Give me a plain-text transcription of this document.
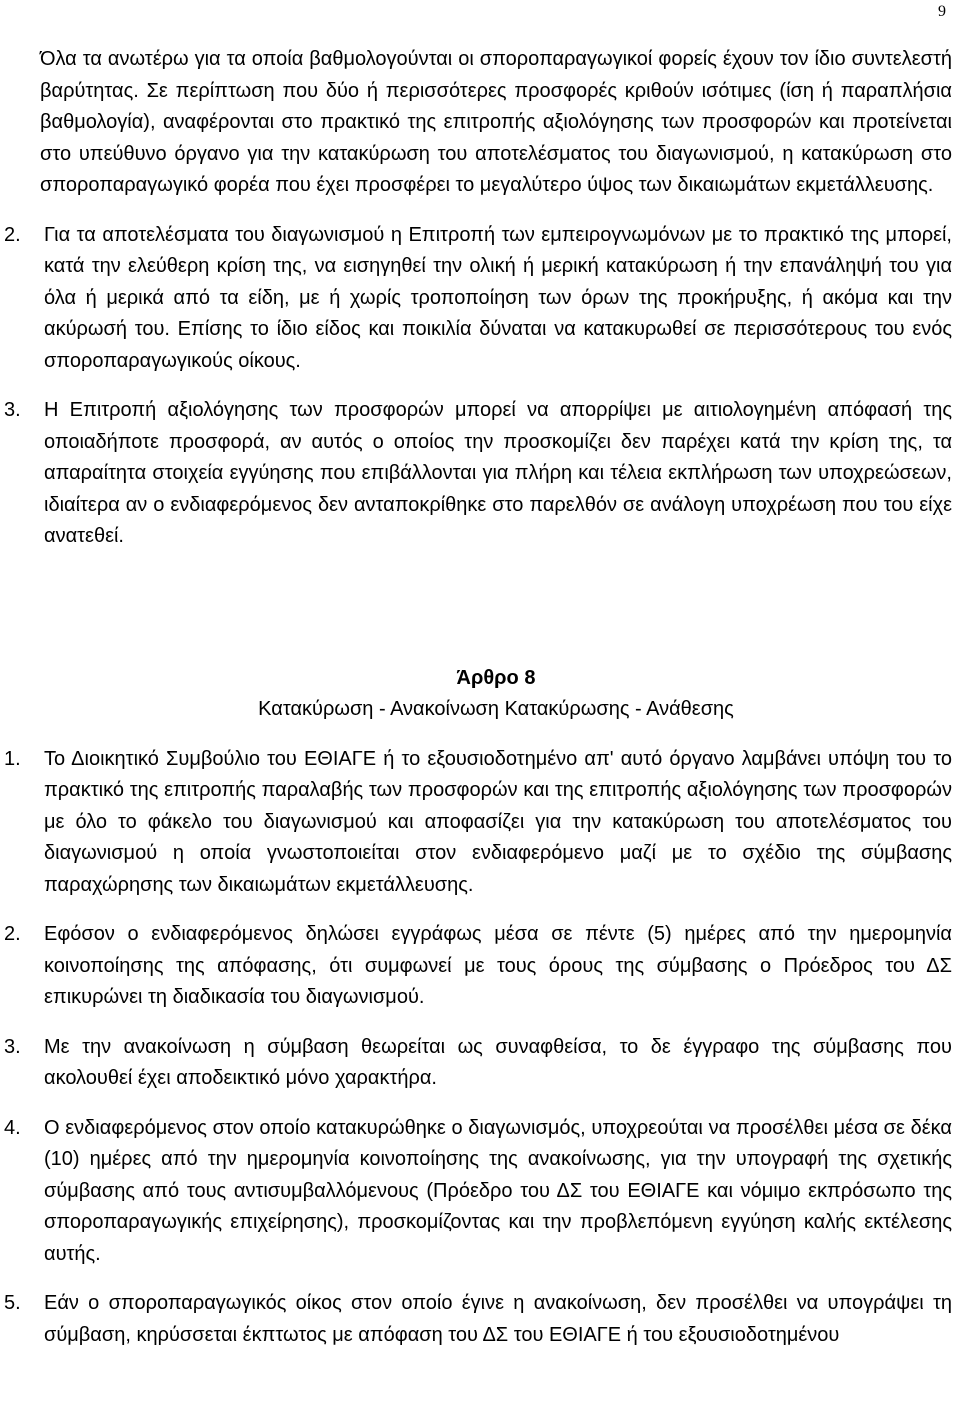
9

Όλα τα ανωτέρω για τα οποία βαθμολογούνται οι σποροπαραγωγικοί φορείς έχουν τον ίδιο συντελεστή βαρύτητας. Σε περίπτωση που δύο ή περισσότερες προσφορές κριθούν ισότιμες (ίση ή παραπλήσια βαθμολογία), αναφέρονται στο πρακτικό της επιτροπής αξιολόγησης των προσφορών και προτείνεται στο υπεύθυνο όργανο για την κατακύρωση του αποτελέσματος του διαγωνισμού, η κατακύρωση στο σποροπαραγωγικό φορέα που έχει προσφέρει το μεγαλύτερο ύψος των δικαιωμάτων εκμετάλλευσης.

2. Για τα αποτελέσματα του διαγωνισμού η Επιτροπή των εμπειρογνωμόνων με το πρακτικό της μπορεί, κατά την ελεύθερη κρίση της, να εισηγηθεί την ολική ή μερική κατακύρωση ή την επανάληψή του για όλα ή μερικά από τα είδη, με ή χωρίς τροποποίηση των όρων της προκήρυξης, ή ακόμα και την ακύρωσή του. Επίσης το ίδιο είδος και ποικιλία δύναται να κατακυρωθεί σε περισσότερους του ενός σποροπαραγωγικούς οίκους.

3. Η Επιτροπή αξιολόγησης των προσφορών μπορεί να απορρίψει με αιτιολογημένη απόφασή της οποιαδήποτε προσφορά, αν αυτός ο οποίος την προσκομίζει δεν παρέχει κατά την κρίση της, τα απαραίτητα στοιχεία εγγύησης που επιβάλλονται για πλήρη και τέλεια εκπλήρωση των υποχρεώσεων, ιδιαίτερα αν ο ενδιαφερόμενος δεν ανταποκρίθηκε στο παρελθόν σε ανάλογη υποχρέωση που του είχε ανατεθεί.

Άρθρο 8
Κατακύρωση - Ανακοίνωση Κατακύρωσης - Ανάθεσης
1. Το Διοικητικό Συμβούλιο του ΕΘΙΑΓΕ ή το εξουσιοδοτημένο απ' αυτό όργανο λαμβάνει υπόψη του το πρακτικό της επιτροπής παραλαβής των προσφορών και της επιτροπής αξιολόγησης των προσφορών με όλο το φάκελο του διαγωνισμού και αποφασίζει για την κατακύρωση του αποτελέσματος του διαγωνισμού η οποία γνωστοποιείται στον ενδιαφερόμενο μαζί με το σχέδιο της σύμβασης παραχώρησης των δικαιωμάτων εκμετάλλευσης.

2. Εφόσον ο ενδιαφερόμενος δηλώσει εγγράφως μέσα σε πέντε (5) ημέρες από την ημερομηνία κοινοποίησης της απόφασης, ότι συμφωνεί με τους όρους της σύμβασης ο Πρόεδρος του ΔΣ επικυρώνει τη διαδικασία του διαγωνισμού.

3. Με την ανακοίνωση η σύμβαση θεωρείται ως συναφθείσα, το δε έγγραφο της σύμβασης που ακολουθεί έχει αποδεικτικό μόνο χαρακτήρα.

4. Ο ενδιαφερόμενος στον οποίο κατακυρώθηκε ο διαγωνισμός, υποχρεούται να προσέλθει μέσα σε δέκα (10) ημέρες από την ημερομηνία κοινοποίησης της ανακοίνωσης, για την υπογραφή της σχετικής σύμβασης από τους αντισυμβαλλόμενους (Πρόεδρο του ΔΣ του ΕΘΙΑΓΕ και νόμιμο εκπρόσωπο της σποροπαραγωγικής επιχείρησης), προσκομίζοντας και την προβλεπόμενη εγγύηση καλής εκτέλεσης αυτής.

5. Εάν ο σποροπαραγωγικός οίκος στον οποίο έγινε η ανακοίνωση, δεν προσέλθει να υπογράψει τη σύμβαση, κηρύσσεται έκπτωτος με απόφαση του ΔΣ του ΕΘΙΑΓΕ ή του εξουσιοδοτημένου
